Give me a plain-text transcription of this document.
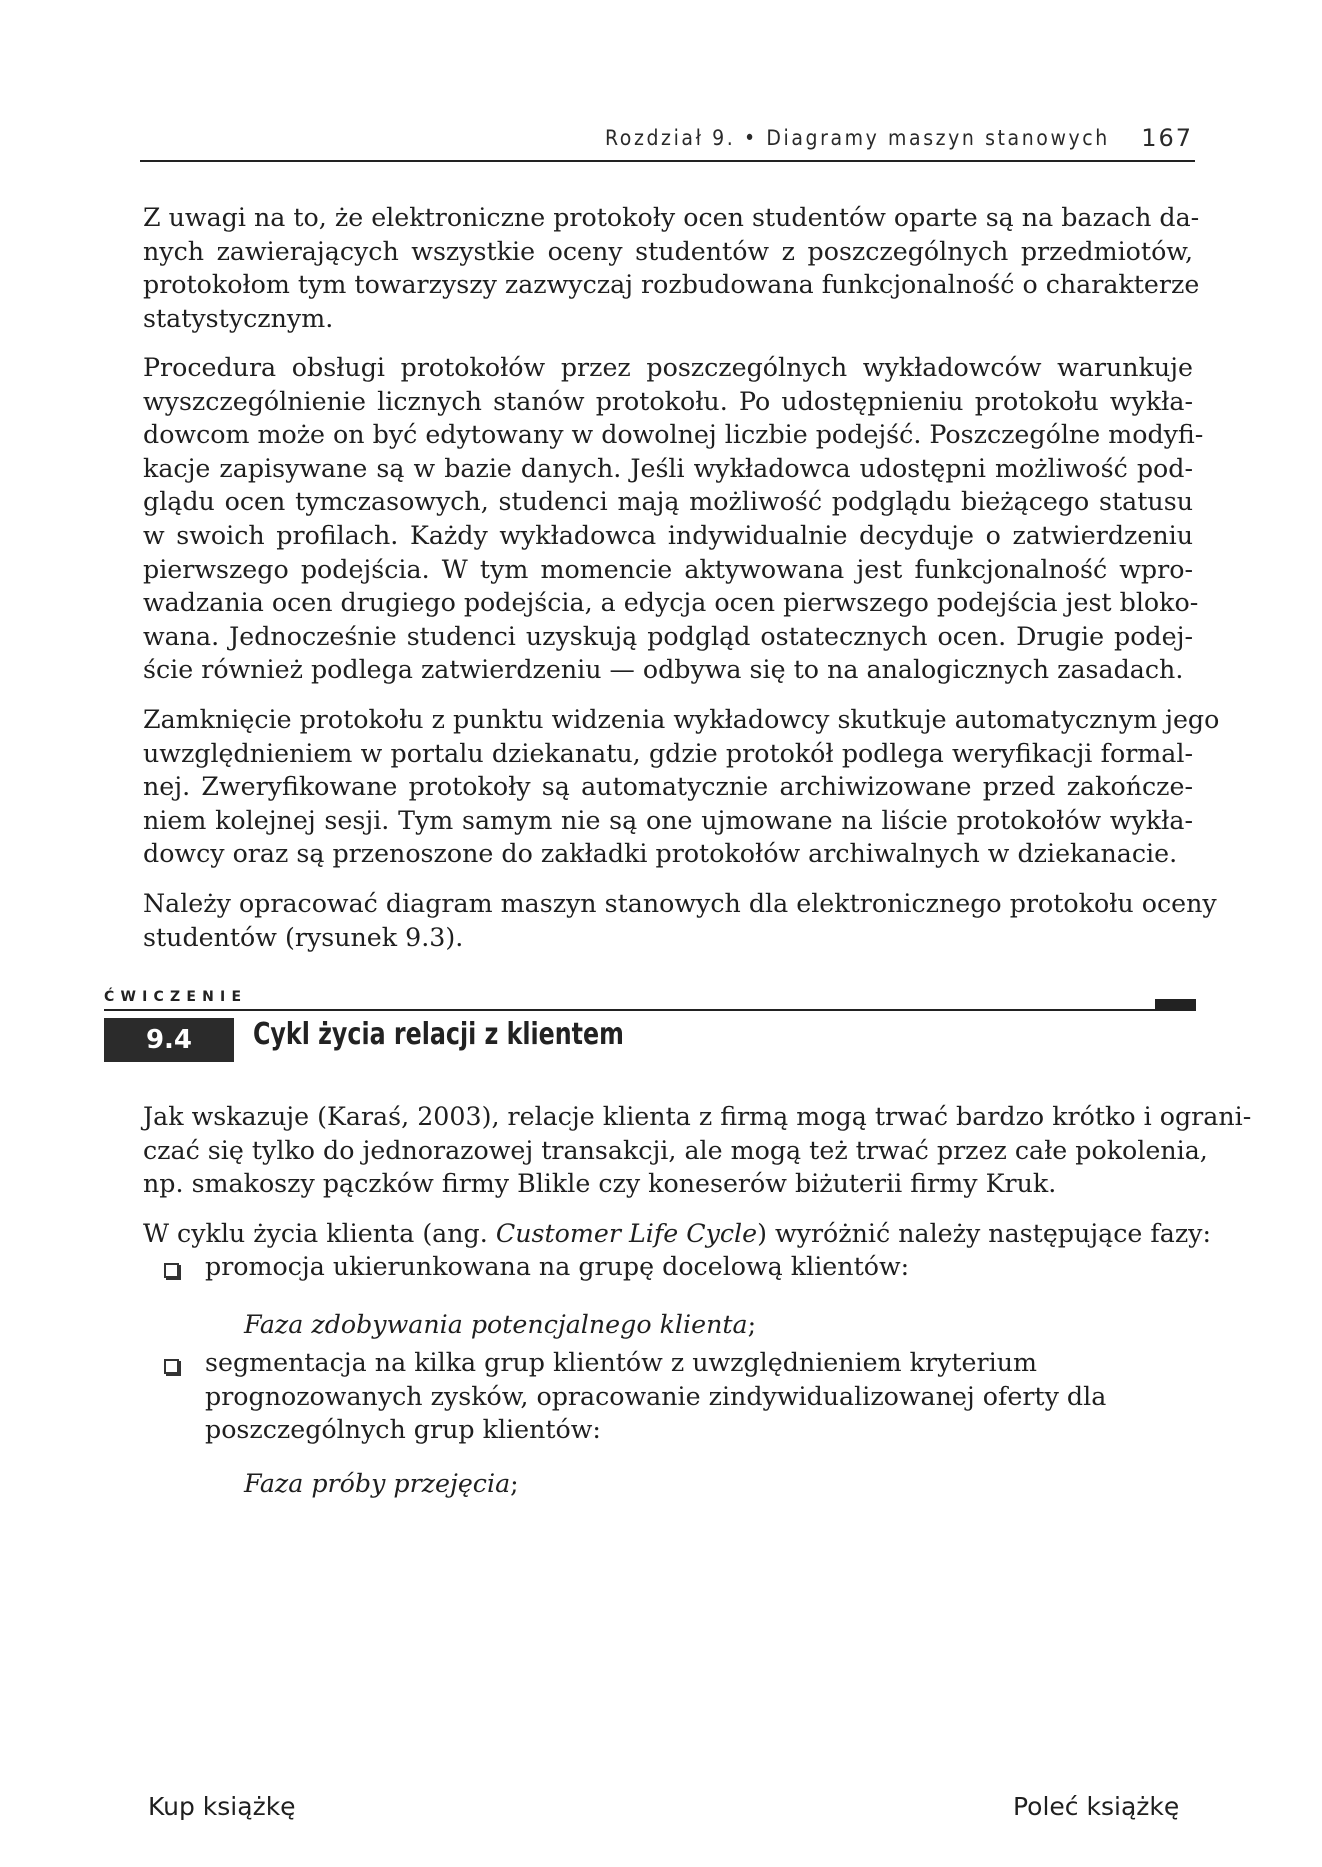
Rozdział 9. • Diagramy maszyn stanowych 167

Z uwagi na to, że elektroniczne protokoły ocen studentów oparte są na bazach da-
nych zawierających wszystkie oceny studentów z poszczególnych przedmiotów,
protokołom tym towarzyszy zazwyczaj rozbudowana funkcjonalność o charakterze
statystycznym.

Procedura obsługi protokołów przez poszczególnych wykładowców warunkuje
wyszczególnienie licznych stanów protokołu. Po udostępnieniu protokołu wykła-
dowcom może on być edytowany w dowolnej liczbie podejść. Poszczególne modyfi-
kacje zapisywane są w bazie danych. Jeśli wykładowca udostępni możliwość pod-
glądu ocen tymczasowych, studenci mają możliwość podglądu bieżącego statusu
w swoich profilach. Każdy wykładowca indywidualnie decyduje o zatwierdzeniu
pierwszego podejścia. W tym momencie aktywowana jest funkcjonalność wpro-
wadzania ocen drugiego podejścia, a edycja ocen pierwszego podejścia jest bloko-
wana. Jednocześnie studenci uzyskują podgląd ostatecznych ocen. Drugie podej-
ście również podlega zatwierdzeniu — odbywa się to na analogicznych zasadach.

Zamknięcie protokołu z punktu widzenia wykładowcy skutkuje automatycznym jego
uwzględnieniem w portalu dziekanatu, gdzie protokół podlega weryfikacji formal-
nej. Zweryfikowane protokoły są automatycznie archiwizowane przed zakończe-
niem kolejnej sesji. Tym samym nie są one ujmowane na liście protokołów wykła-
dowcy oraz są przenoszone do zakładki protokołów archiwalnych w dziekanacie.

Należy opracować diagram maszyn stanowych dla elektronicznego protokołu oceny
studentów (rysunek 9.3).

ĆWICZENIE
9.4	Cykl życia relacji z klientem

Jak wskazuje (Karaś, 2003), relacje klienta z firmą mogą trwać bardzo krótko i ograni-
czać się tylko do jednorazowej transakcji, ale mogą też trwać przez całe pokolenia,
np. smakoszy pączków firmy Blikle czy koneserów biżuterii firmy Kruk.

W cyklu życia klienta (ang. Customer Life Cycle) wyróżnić należy następujące fazy:

promocja ukierunkowana na grupę docelową klientów:

Faza zdobywania potencjalnego klienta;

segmentacja na kilka grup klientów z uwzględnieniem kryterium
prognozowanych zysków, opracowanie zindywidualizowanej oferty dla
poszczególnych grup klientów:

Faza próby przejęcia;

Kup książkę	Poleć książkę
